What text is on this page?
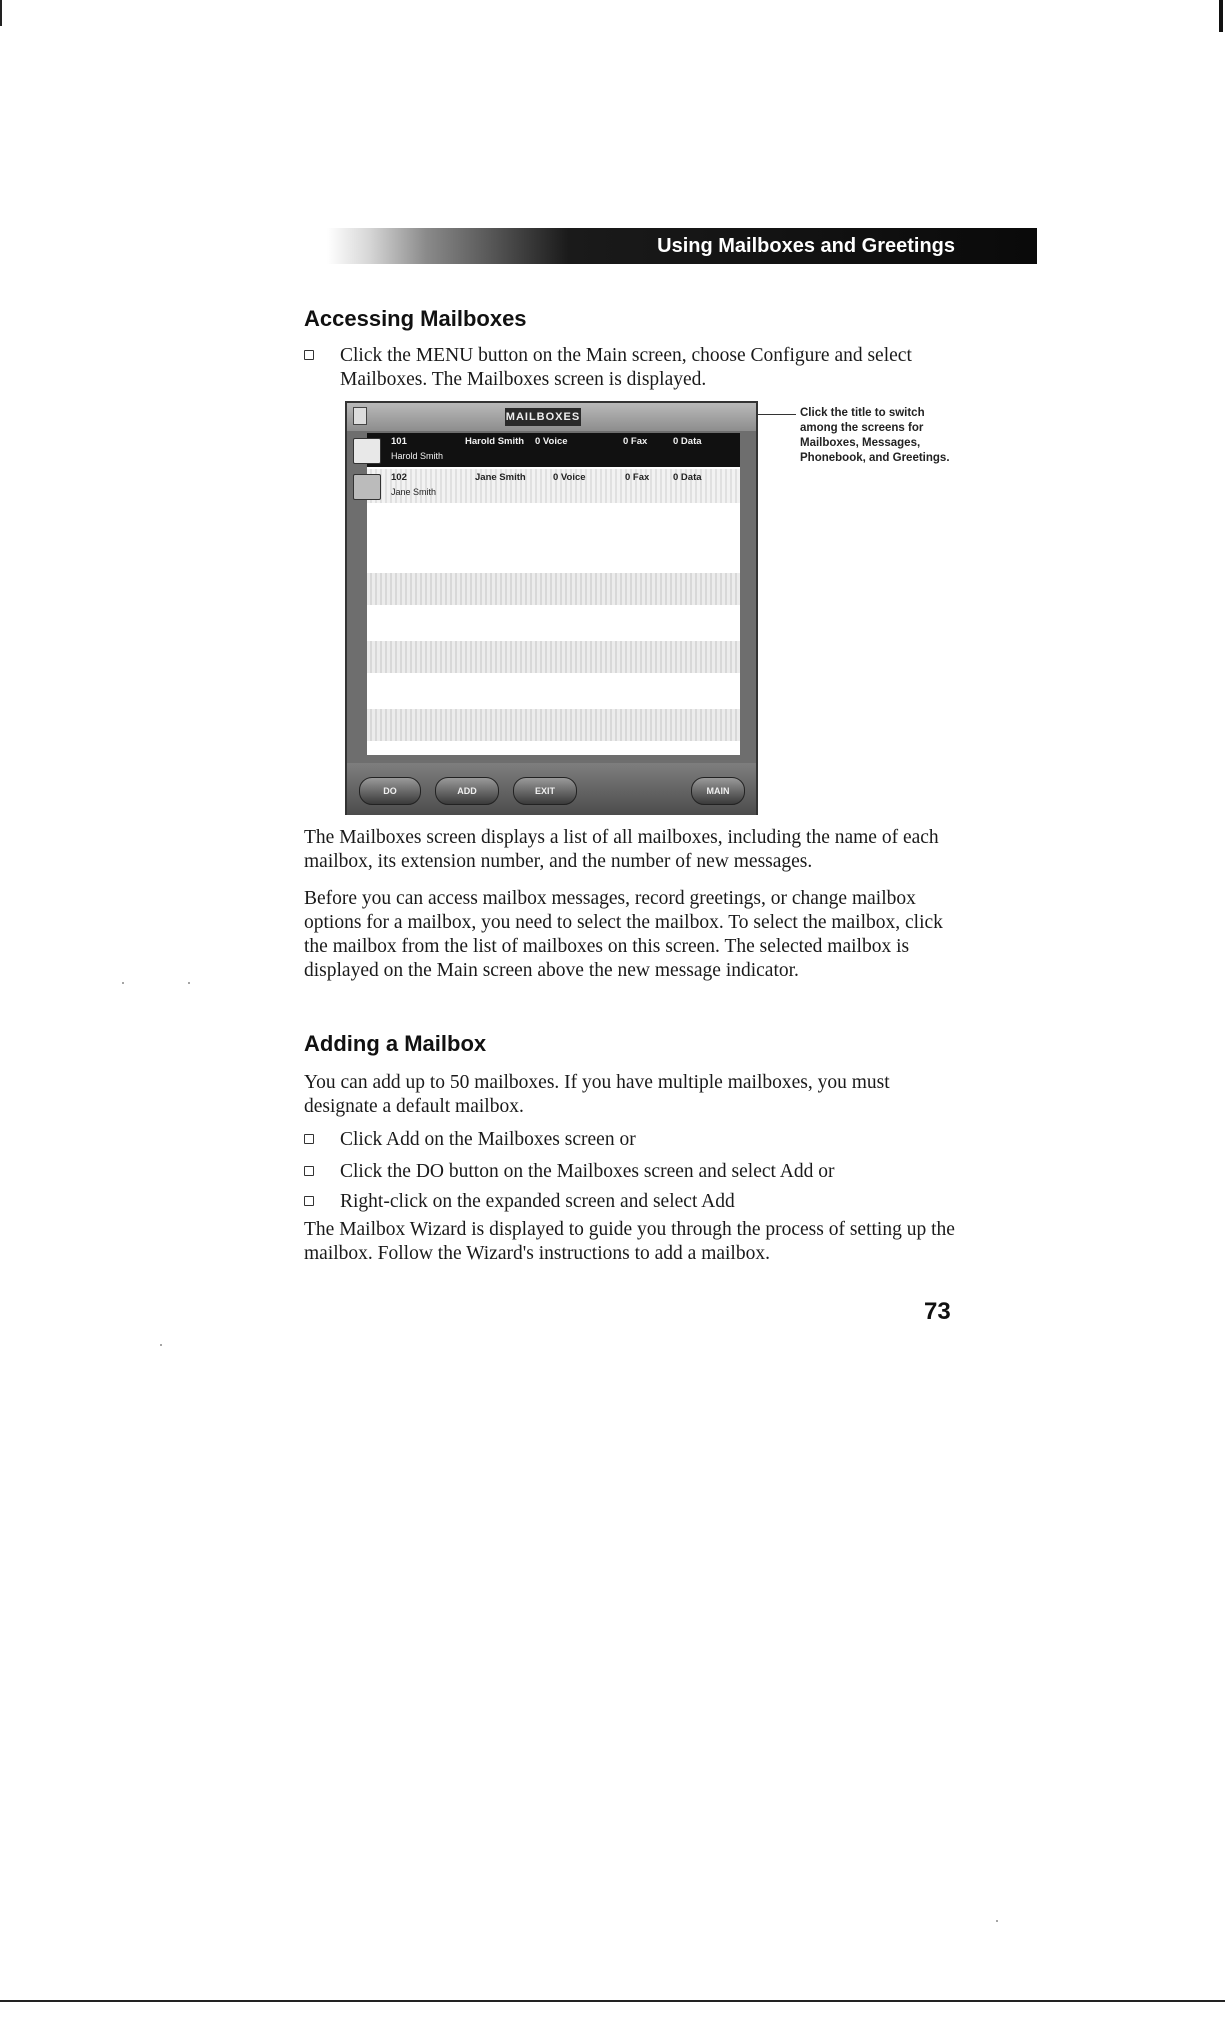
Using Mailboxes and Greetings
Accessing Mailboxes
Click the MENU button on the Main screen, choose Configure and select Mailboxes. The Mailboxes screen is displayed.
MAILBOXES
101	Harold Smith 0 Voice	0 Fax	0 Data
Harold Smith
102	Jane Smith	0 Voice	0 Fax 0 Data
Jane Smith
DO	ADD	EXIT	MAIN

Click the title to switch among the screens for Mailboxes, Messages, Phonebook, and Greetings.

The Mailboxes screen displays a list of all mailboxes, including the name of each mailbox, its extension number, and the number of new messages.

Before you can access mailbox messages, record greetings, or change mailbox options for a mailbox, you need to select the mailbox. To select the mailbox, click the mailbox from the list of mailboxes on this screen. The selected mailbox is displayed on the Main screen above the new message indicator.

Adding a Mailbox

You can add up to 50 mailboxes. If you have multiple mailboxes, you must designate a default mailbox.

Click Add on the Mailboxes screen or
Click the DO button on the Mailboxes screen and select Add or
Right-click on the expanded screen and select Add

The Mailbox Wizard is displayed to guide you through the process of setting up the mailbox. Follow the Wizard's instructions to add a mailbox.

73
